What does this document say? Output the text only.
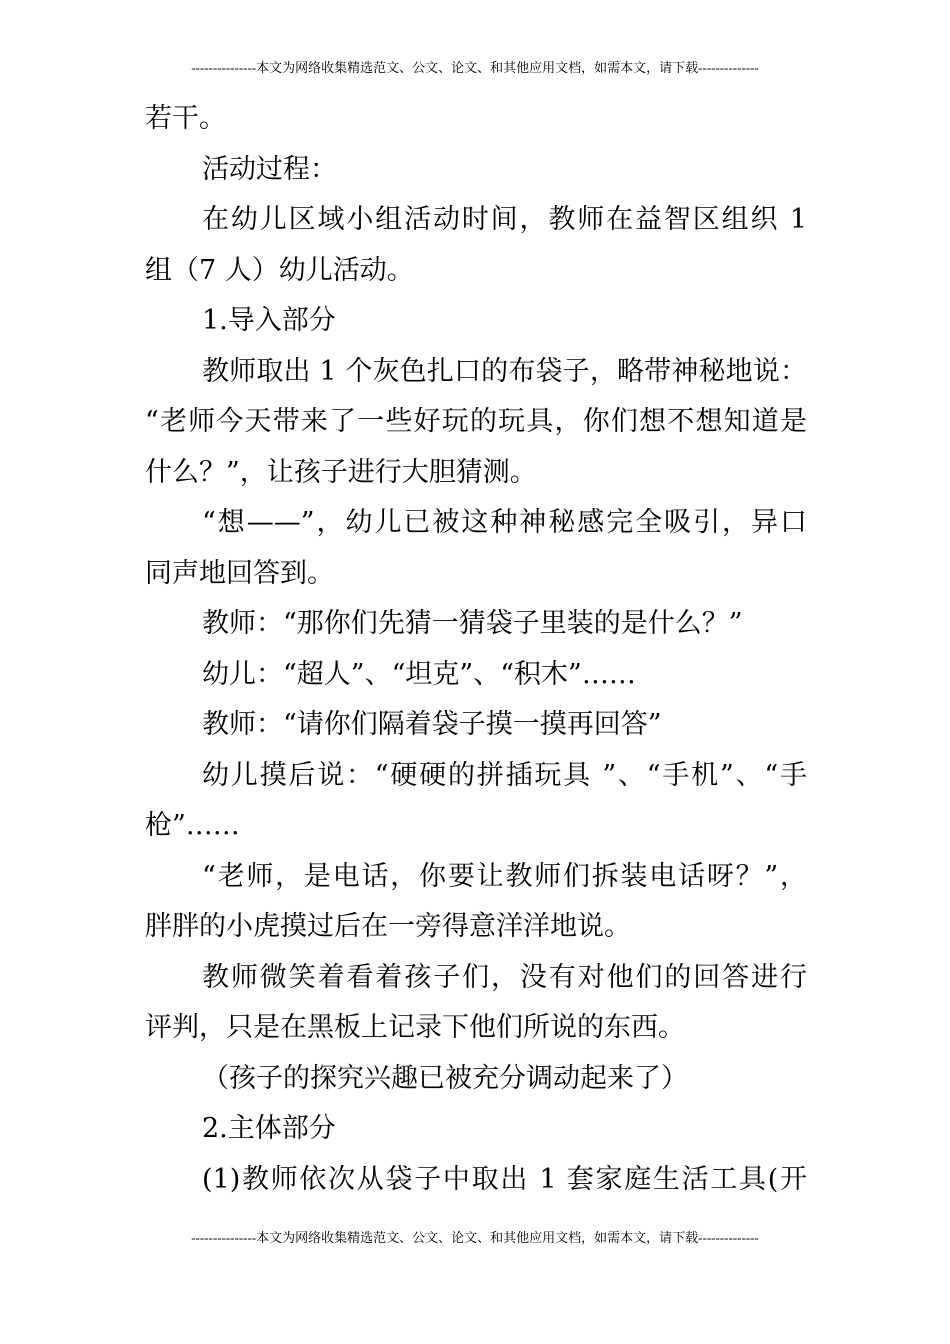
---------------本文为网络收集精选范文、公文、论文、和其他应用文档，如需本文，请下载--------------
若干。
活动过程：
在幼儿区域小组活动时间，教师在益智区组织 1
组（7 人）幼儿活动。
1.导入部分
教师取出 1 个灰色扎口的布袋子，略带神秘地说：
“老师今天带来了一些好玩的玩具，你们想不想知道是
什么？”，让孩子进行大胆猜测。
“想——”，幼儿已被这种神秘感完全吸引，异口
同声地回答到。
教师：“那你们先猜一猜袋子里装的是什么？”
幼儿：“超人”、“坦克”、“积木”……
教师：“请你们隔着袋子摸一摸再回答”
幼儿摸后说：“硬硬的拼插玩具 ”、“手机”、“手
枪”……
“老师，是电话，你要让教师们拆装电话呀？”，
胖胖的小虎摸过后在一旁得意洋洋地说。
教师微笑着看着孩子们，没有对他们的回答进行
评判，只是在黑板上记录下他们所说的东西。
（孩子的探究兴趣已被充分调动起来了）
2.主体部分
(1)教师依次从袋子中取出 1 套家庭生活工具(开
---------------本文为网络收集精选范文、公文、论文、和其他应用文档，如需本文，请下载--------------
